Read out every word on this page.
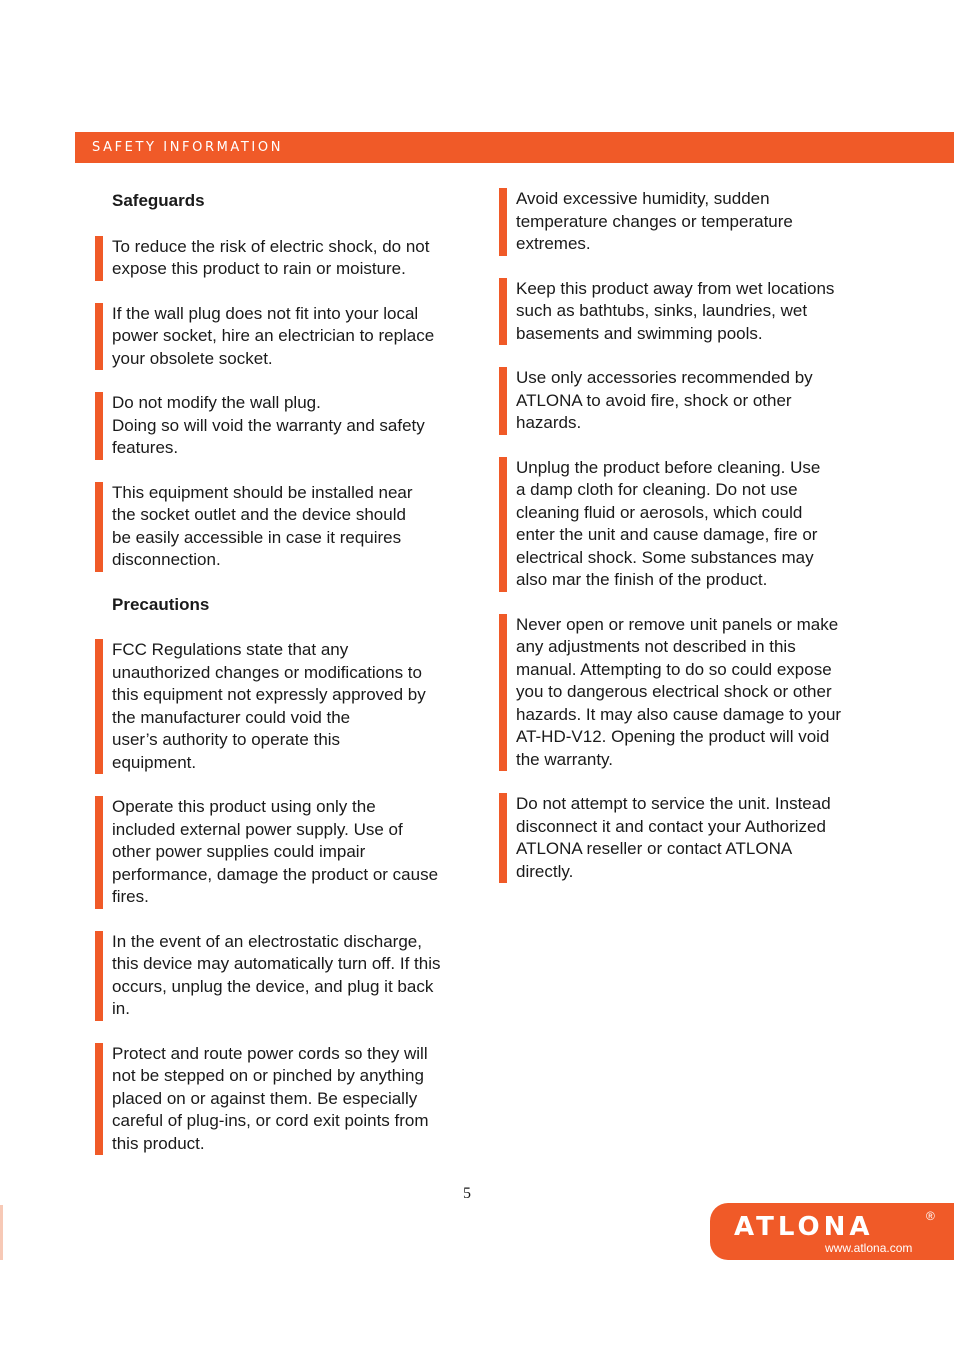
SAFETY INFORMATION
Safeguards
To reduce the risk of electric shock, do not
expose this product to rain or moisture.
If the wall plug does not fit into your local
power socket, hire an electrician to replace
your obsolete socket.
Do not modify the wall plug.
Doing so will void the warranty and safety
features.
This equipment should be installed near
the socket outlet and the device should
be easily accessible in case it requires
disconnection.
Precautions
FCC Regulations state that any
unauthorized changes or modifications to
this equipment not expressly approved by
the manufacturer could void the
user’s authority to operate this
equipment.
Operate this product using only the
included external power supply. Use of
other power supplies could impair
performance, damage the product or cause
fires.
In the event of an electrostatic discharge,
this device may automatically turn off. If this
occurs, unplug the device, and plug it back
in.
Protect and route power cords so they will
not be stepped on or pinched by anything
placed on or against them. Be especially
careful of plug-ins, or cord exit points from
this product.
Avoid excessive humidity, sudden
temperature changes or temperature
extremes.
Keep this product away from wet locations
such as bathtubs, sinks, laundries, wet
basements and swimming pools.
Use only accessories recommended by
ATLONA to avoid fire, shock or other
hazards.
Unplug the product before cleaning. Use
a damp cloth for cleaning. Do not use
cleaning fluid or aerosols, which could
enter the unit and cause damage, fire or
electrical shock. Some substances may
also mar the finish of the product.
Never open or remove unit panels or make
any adjustments not described in this
manual. Attempting to do so could expose
you to dangerous electrical shock or other
hazards. It may also cause damage to your
AT-HD-V12. Opening the product will void
the warranty.
Do not attempt to service the unit. Instead
disconnect it and contact your Authorized
ATLONA reseller or contact ATLONA
directly.
5
ATLONA	®
www.atlona.com
